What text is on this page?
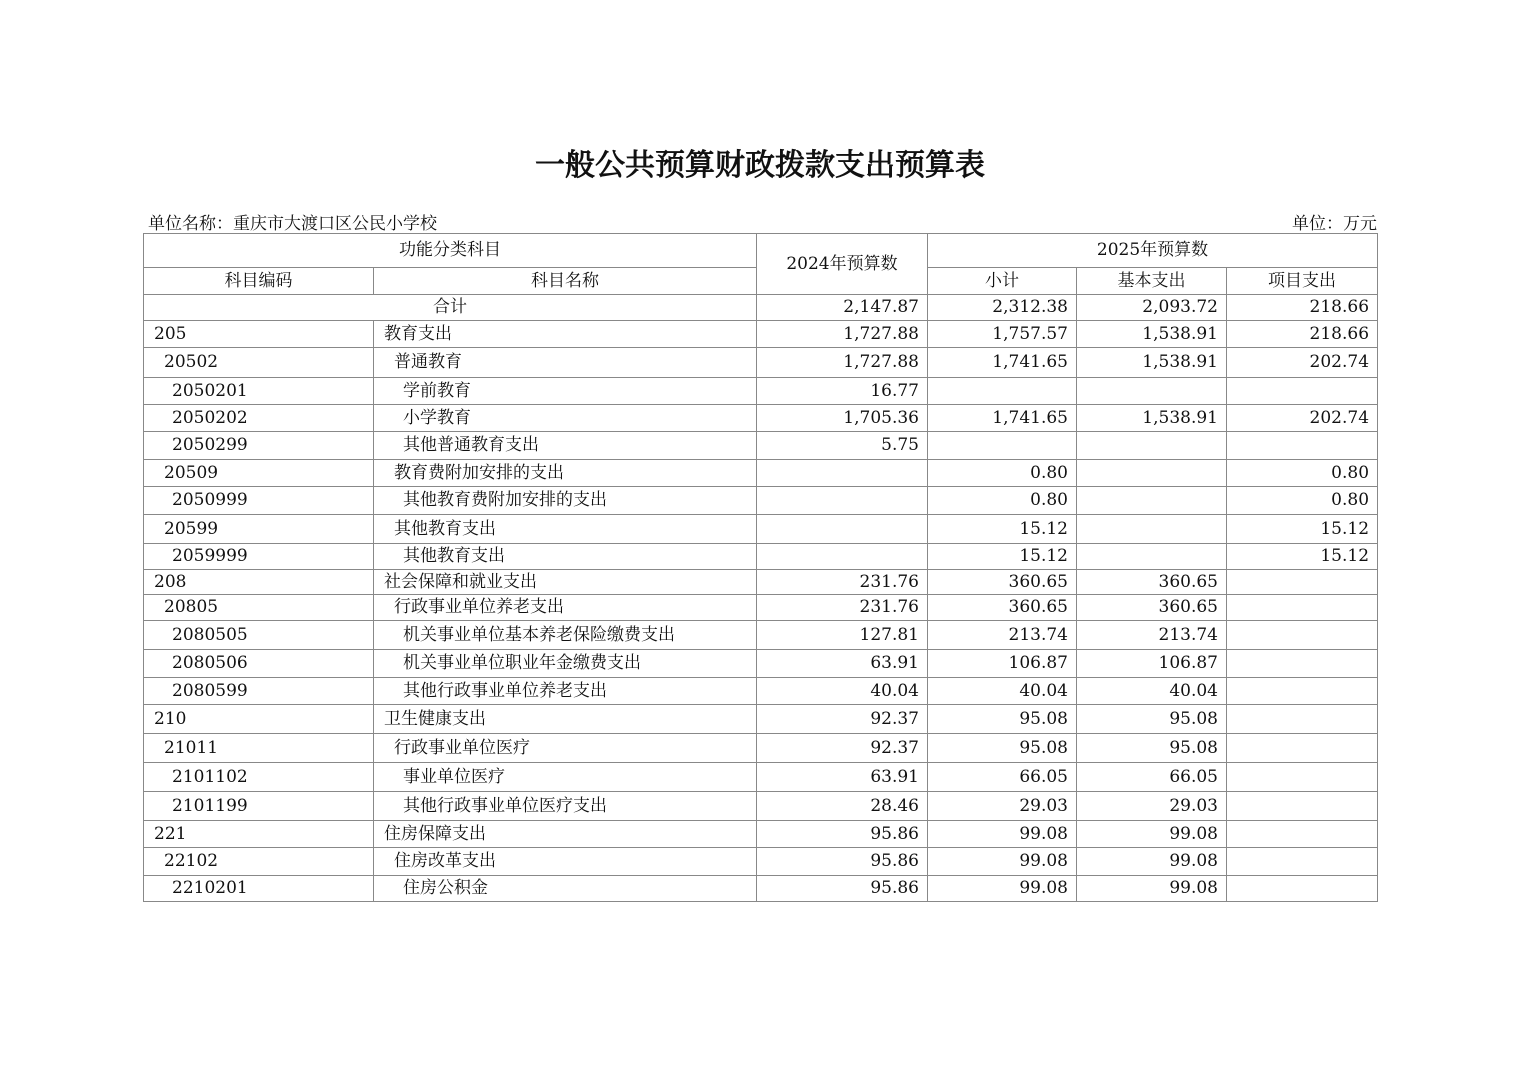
一般公共预算财政拨款支出预算表
单位名称：重庆市大渡口区公民小学校	单位：万元
功能分类科目		2024年预算数	2025年预算数		
科目编码	科目名称		小计	基本支出	项目支出
合计		2,147.87	2,312.38	2,093.72	218.66
205	教育支出	1,727.88	1,757.57	1,538.91	218.66
20502	普通教育	1,727.88	1,741.65	1,538.91	202.74
2050201	学前教育	16.77			
2050202	小学教育	1,705.36	1,741.65	1,538.91	202.74
2050299	其他普通教育支出	5.75			
20509	教育费附加安排的支出		0.80		0.80
2050999	其他教育费附加安排的支出		0.80		0.80
20599	其他教育支出		15.12		15.12
2059999	其他教育支出		15.12		15.12
208	社会保障和就业支出	231.76	360.65	360.65	
20805	行政事业单位养老支出	231.76	360.65	360.65	
2080505	机关事业单位基本养老保险缴费支出	127.81	213.74	213.74	
2080506	机关事业单位职业年金缴费支出	63.91	106.87	106.87	
2080599	其他行政事业单位养老支出	40.04	40.04	40.04	
210	卫生健康支出	92.37	95.08	95.08	
21011	行政事业单位医疗	92.37	95.08	95.08	
2101102	事业单位医疗	63.91	66.05	66.05	
2101199	其他行政事业单位医疗支出	28.46	29.03	29.03	
221	住房保障支出	95.86	99.08	99.08	
22102	住房改革支出	95.86	99.08	99.08	
2210201	住房公积金	95.86	99.08	99.08	
